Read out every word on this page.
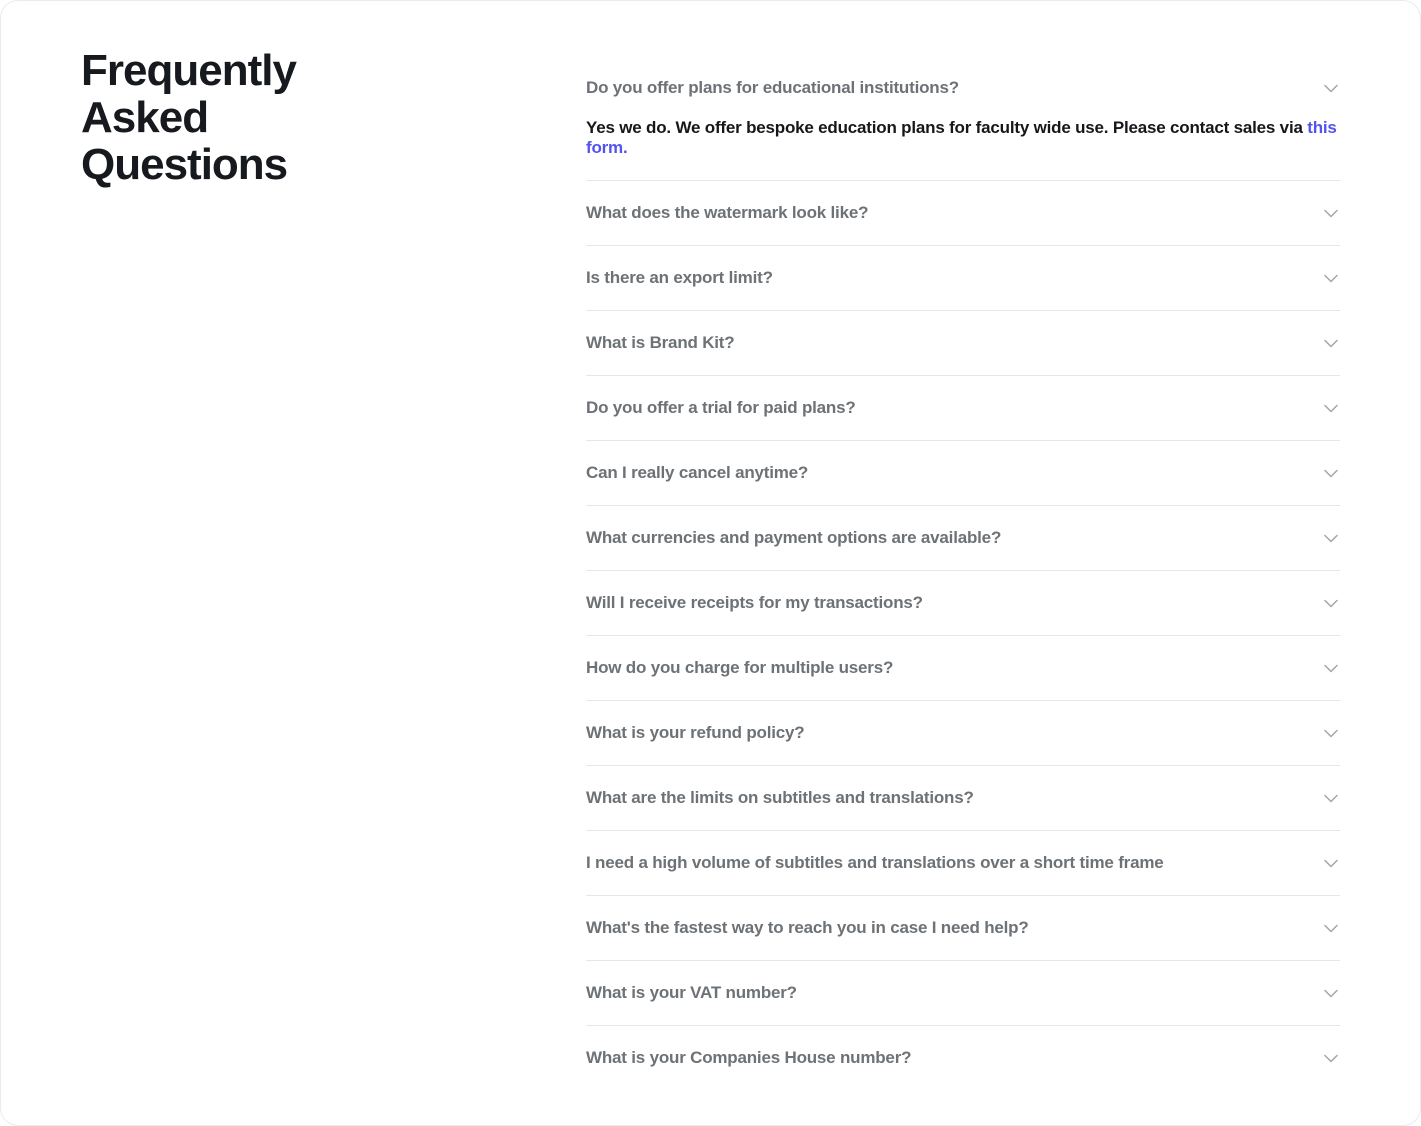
Frequently Asked Questions
Do you offer plans for educational institutions?
Yes we do. We offer bespoke education plans for faculty wide use. Please contact sales via this form.
What does the watermark look like?
Is there an export limit?
What is Brand Kit?
Do you offer a trial for paid plans?
Can I really cancel anytime?
What currencies and payment options are available?
Will I receive receipts for my transactions?
How do you charge for multiple users?
What is your refund policy?
What are the limits on subtitles and translations?
I need a high volume of subtitles and translations over a short time frame
What's the fastest way to reach you in case I need help?
What is your VAT number?
What is your Companies House number?
